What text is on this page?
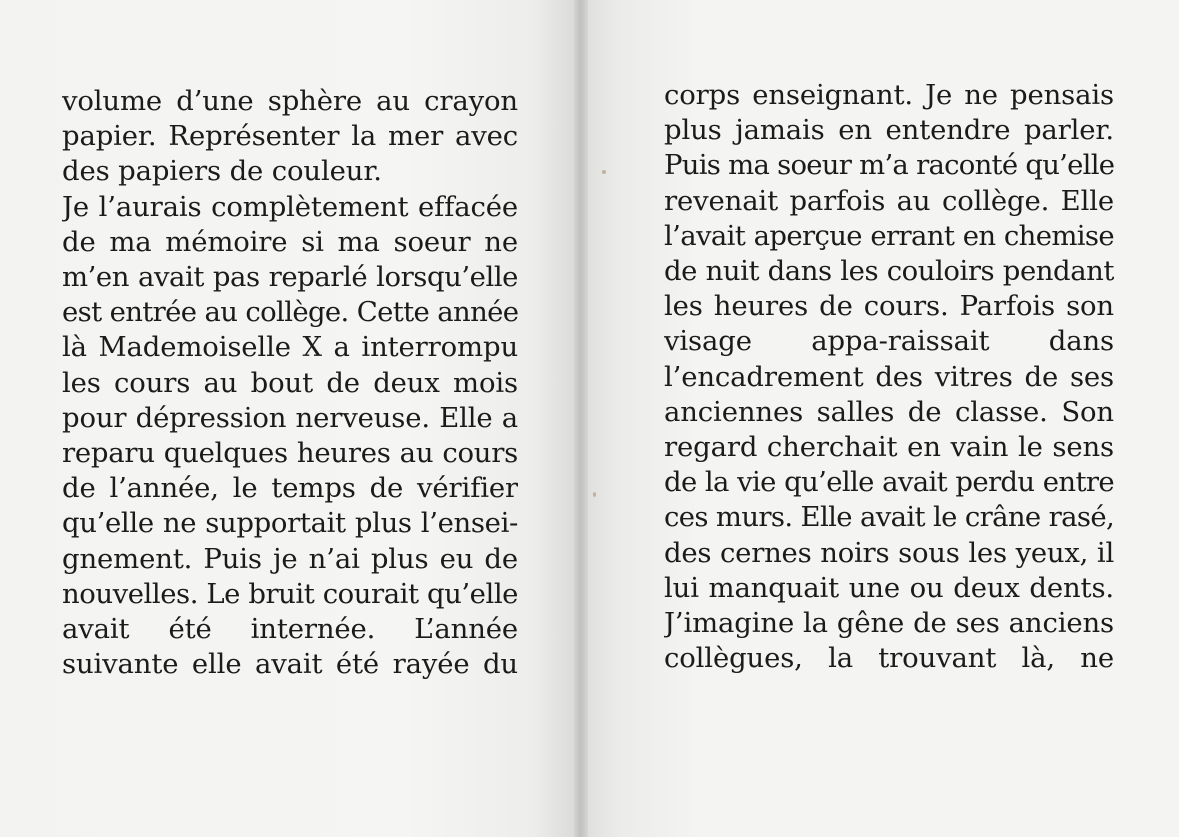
volume d’une sphère au crayon
papier. Représenter la mer avec
des papiers de couleur.
Je l’aurais complètement effacée
de ma mémoire si ma soeur ne
m’en avait pas reparlé lorsqu’elle
est entrée au collège. Cette année
là Mademoiselle X a interrompu
les cours au bout de deux mois
pour dépression nerveuse. Elle a
reparu quelques heures au cours
de l’année, le temps de vérifier
qu’elle ne supportait plus l’ensei-
gnement. Puis je n’ai plus eu de
nouvelles. Le bruit courait qu’elle
avait été internée. L’année
suivante elle avait été rayée du
corps enseignant. Je ne pensais
plus jamais en entendre parler.
Puis ma soeur m’a raconté qu’elle
revenait parfois au collège. Elle
l’avait aperçue errant en chemise
de nuit dans les couloirs pendant
les heures de cours. Parfois son
visage appa-raissait dans
l’encadrement des vitres de ses
anciennes salles de classe. Son
regard cherchait en vain le sens
de la vie qu’elle avait perdu entre
ces murs. Elle avait le crâne rasé,
des cernes noirs sous les yeux, il
lui manquait une ou deux dents.
J’imagine la gêne de ses anciens
collègues, la trouvant là, ne
